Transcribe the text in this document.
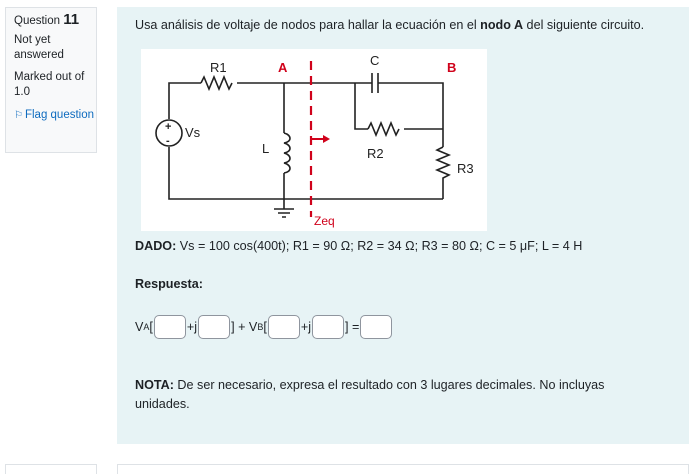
Question 11
Not yet answered
Marked out of 1.0
⚐ Flag question

Usa análisis de voltaje de nodos para hallar la ecuación en el nodo A del siguiente circuito.

R1	A	C	B
Vs
+
-	L	R2
R3
Zeq
DADO: Vs = 100 cos(400t); R1 = 90 Ω; R2 = 34 Ω; R3 = 80 Ω; C = 5 μF; L = 4 H
Respuesta:
V A [	+j	] + V B [	+j	] =
NOTA: De ser necesario, expresa el resultado con 3 lugares decimales. No incluyas unidades.
